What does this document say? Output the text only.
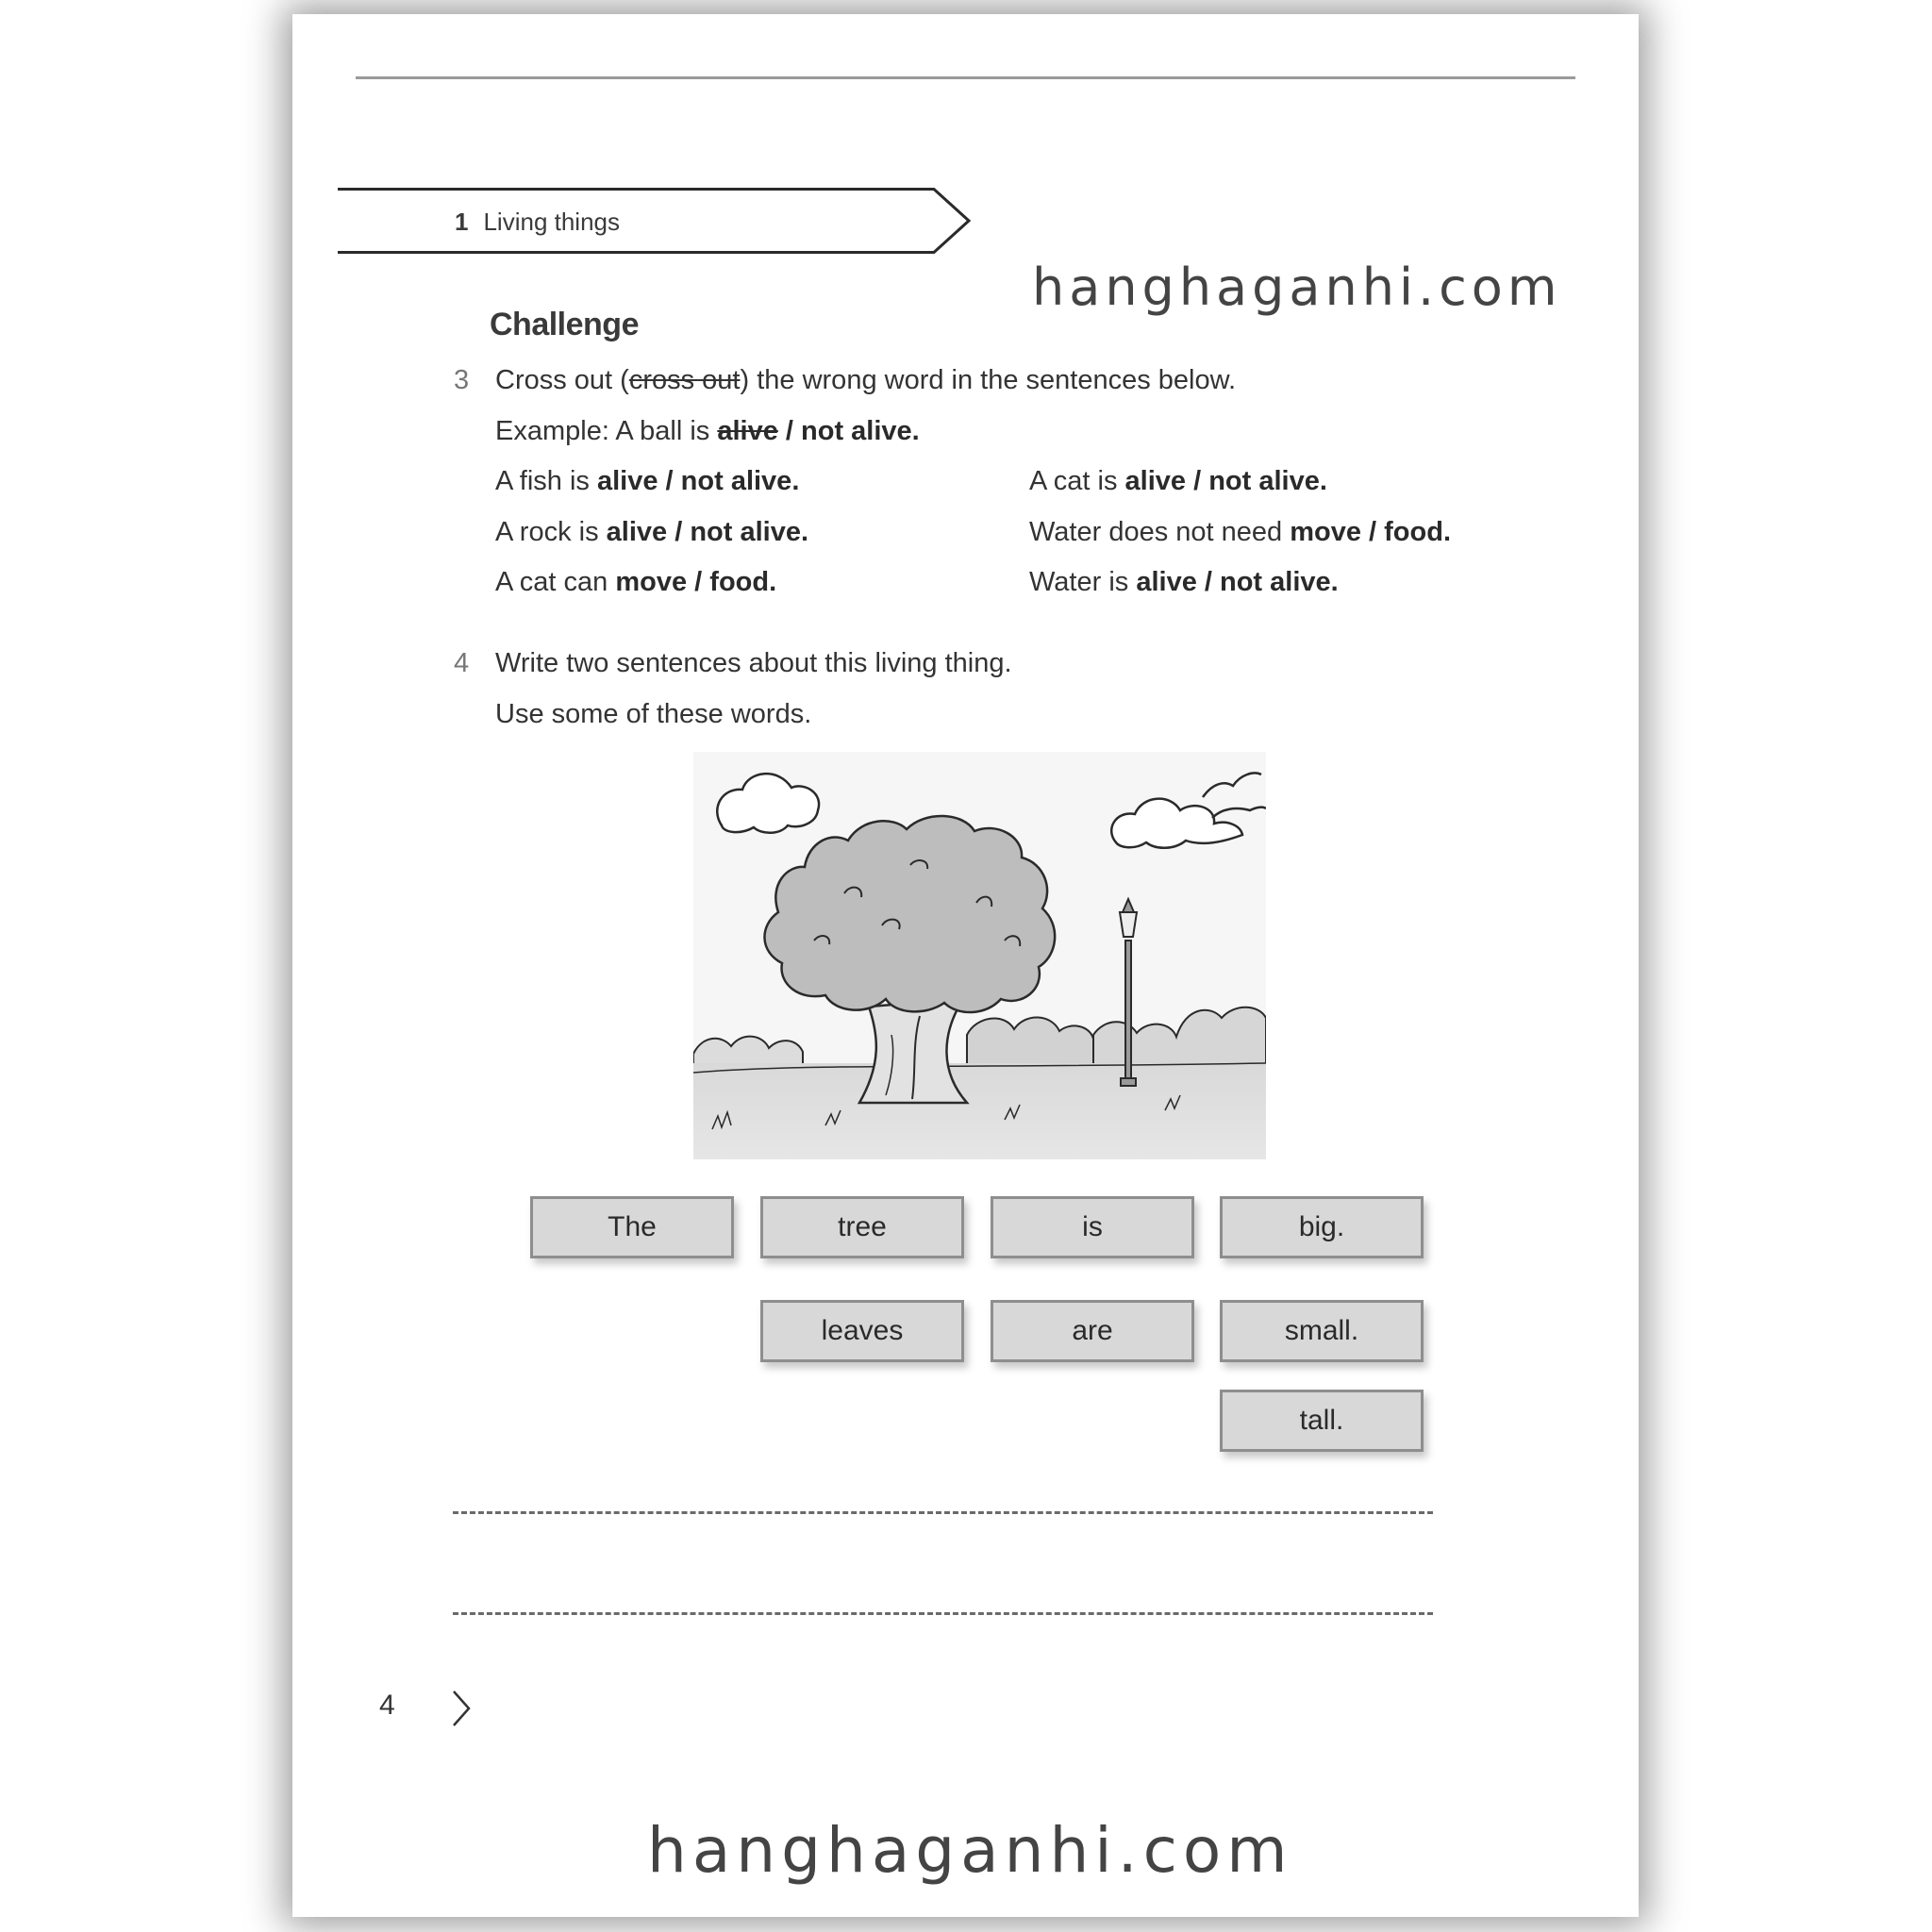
1 Living things
hanghaganhi.com
Challenge
3 Cross out (cross out) the wrong word in the sentences below.
Example: A ball is alive / not alive.
A fish is alive / not alive.
A rock is alive / not alive.
A cat can move / food.
A cat is alive / not alive.
Water does not need move / food.
Water is alive / not alive.
4 Write two sentences about this living thing.
Use some of these words.
The	tree	is	big.
leaves	are	small.
tall.
4
hanghaganhi.com
